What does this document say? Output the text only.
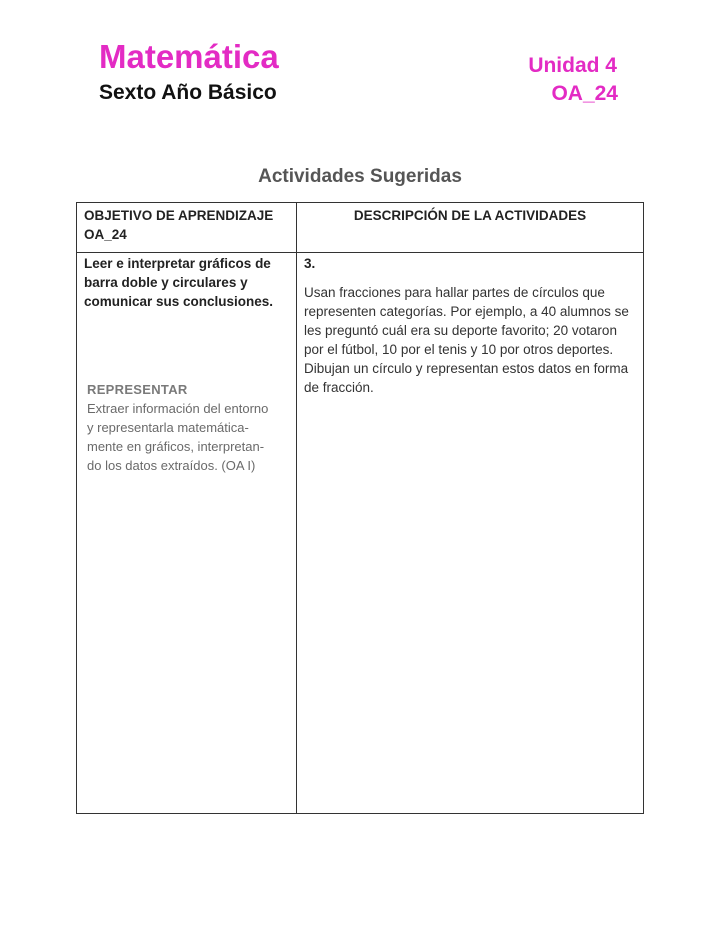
Matemática
Sexto Año Básico
Unidad 4
OA_24
Actividades Sugeridas
OBJETIVO DE APRENDIZAJE OA_24
DESCRIPCIÓN DE LA ACTIVIDADES
Leer e interpretar gráficos de barra doble y circulares y comunicar sus conclusiones.
REPRESENTAR
Extraer información del entorno
y representarla matemática-
mente en gráficos, interpretan-
do los datos extraídos. (OA I)
3.
Usan fracciones para hallar partes de círculos que representen categorías. Por ejemplo, a 40 alumnos se les preguntó cuál era su deporte favorito; 20 votaron por el fútbol, 10 por el tenis y 10 por otros deportes. Dibujan un círculo y representan estos datos en forma de fracción.
